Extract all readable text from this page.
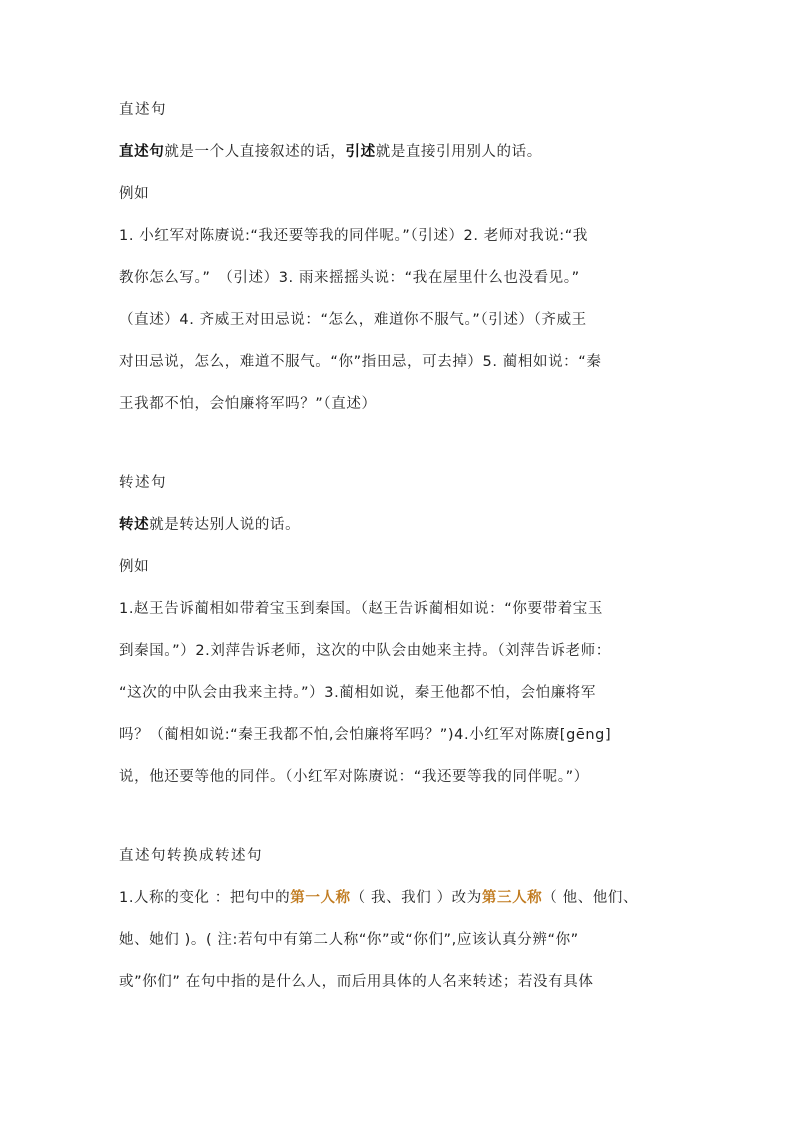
直述句
直述句就是一个人直接叙述的话，引述就是直接引用别人的话。
例如
1. 小红军对陈赓说:“我还要等我的同伴呢。”（引述）2. 老师对我说:“我
教你怎么写。”　（引述）3. 雨来摇摇头说：“我在屋里什么也没看见。”
（直述）4. 齐威王对田忌说：“怎么，难道你不服气。”（引述）（齐威王
对田忌说，怎么，难道不服气。“你”指田忌，可去掉）5. 蔺相如说：“秦
王我都不怕，会怕廉将军吗？”（直述）
转述句
转述就是转达别人说的话。
例如
1.赵王告诉蔺相如带着宝玉到秦国。（赵王告诉蔺相如说：“你要带着宝玉
到秦国。”）2.刘萍告诉老师，这次的中队会由她来主持。（刘萍告诉老师：
“这次的中队会由我来主持。”）3.蔺相如说，秦王他都不怕，会怕廉将军
吗？（蔺相如说:“秦王我都不怕,会怕廉将军吗？”)4.小红军对陈赓[gēng]
说，他还要等他的同伴。（小红军对陈赓说：“我还要等我的同伴呢。”）
直述句转换成转述句
1.人称的变化 ：把句中的第一人称（ 我、我们 ）改为第三人称（ 他、他们、
她、她们 )。( 注:若句中有第二人称“你”或“你们”,应该认真分辨“你”
或”你们” 在句中指的是什么人，而后用具体的人名来转述；若没有具体
